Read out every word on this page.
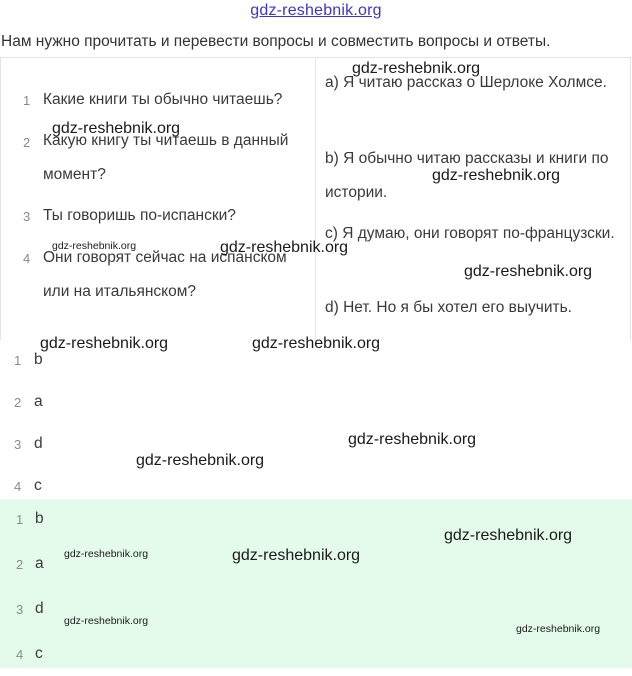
gdz-reshebnik.org
Нам нужно прочитать и перевести вопросы и совместить вопросы и ответы.
1 Какие книги ты обычно читаешь?
2 Какую книгу ты читаешь в данный момент?
3 Ты говоришь по-испански?
4 Они говорят сейчас на испанском или на итальянском?
a) Я читаю рассказ о Шерлоке Холмсе.
b) Я обычно читаю рассказы и книги по истории.
c) Я думаю, они говорят по-французски.
d) Нет. Но я бы хотел его выучить.
1 b
2 a
3 d
4 c
1 b
2 a
3 d
4 c
gdz-reshebnik.org
gdz-reshebnik.org
gdz-reshebnik.org
gdz-reshebnik.org	gdz-reshebnik.org
gdz-reshebnik.org
gdz-reshebnik.org	gdz-reshebnik.org
gdz-reshebnik.org
gdz-reshebnik.org
gdz-reshebnik.org
gdz-reshebnik.org	gdz-reshebnik.org
gdz-reshebnik.org
gdz-reshebnik.org
